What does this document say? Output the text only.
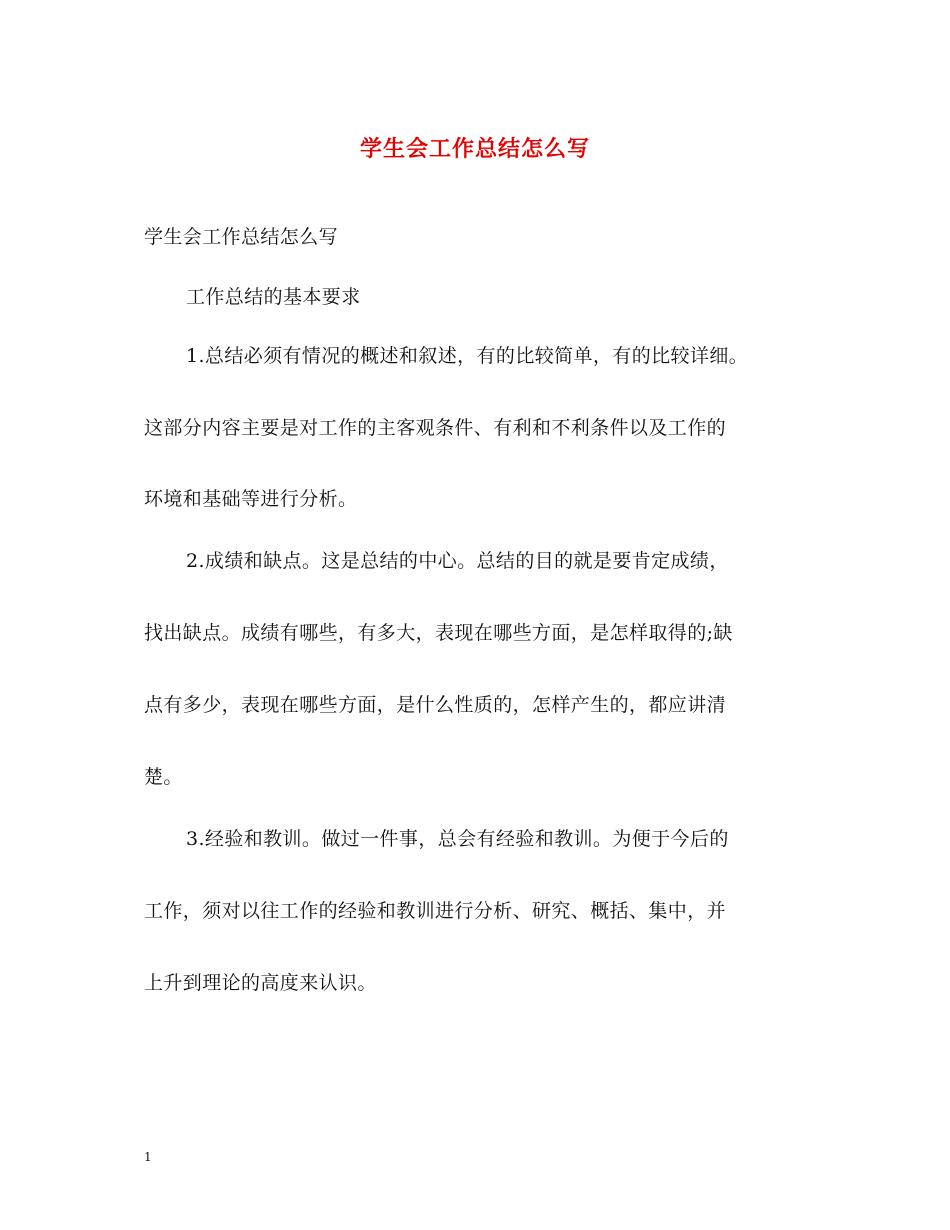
学生会工作总结怎么写
学生会工作总结怎么写
工作总结的基本要求
1.总结必须有情况的概述和叙述，有的比较简单，有的比较详细。
这部分内容主要是对工作的主客观条件、有利和不利条件以及工作的
环境和基础等进行分析。
2.成绩和缺点。这是总结的中心。总结的目的就是要肯定成绩，
找出缺点。成绩有哪些，有多大，表现在哪些方面，是怎样取得的;缺
点有多少，表现在哪些方面，是什么性质的，怎样产生的，都应讲清
楚。
3.经验和教训。做过一件事，总会有经验和教训。为便于今后的
工作，须对以往工作的经验和教训进行分析、研究、概括、集中，并
上升到理论的高度来认识。
1
